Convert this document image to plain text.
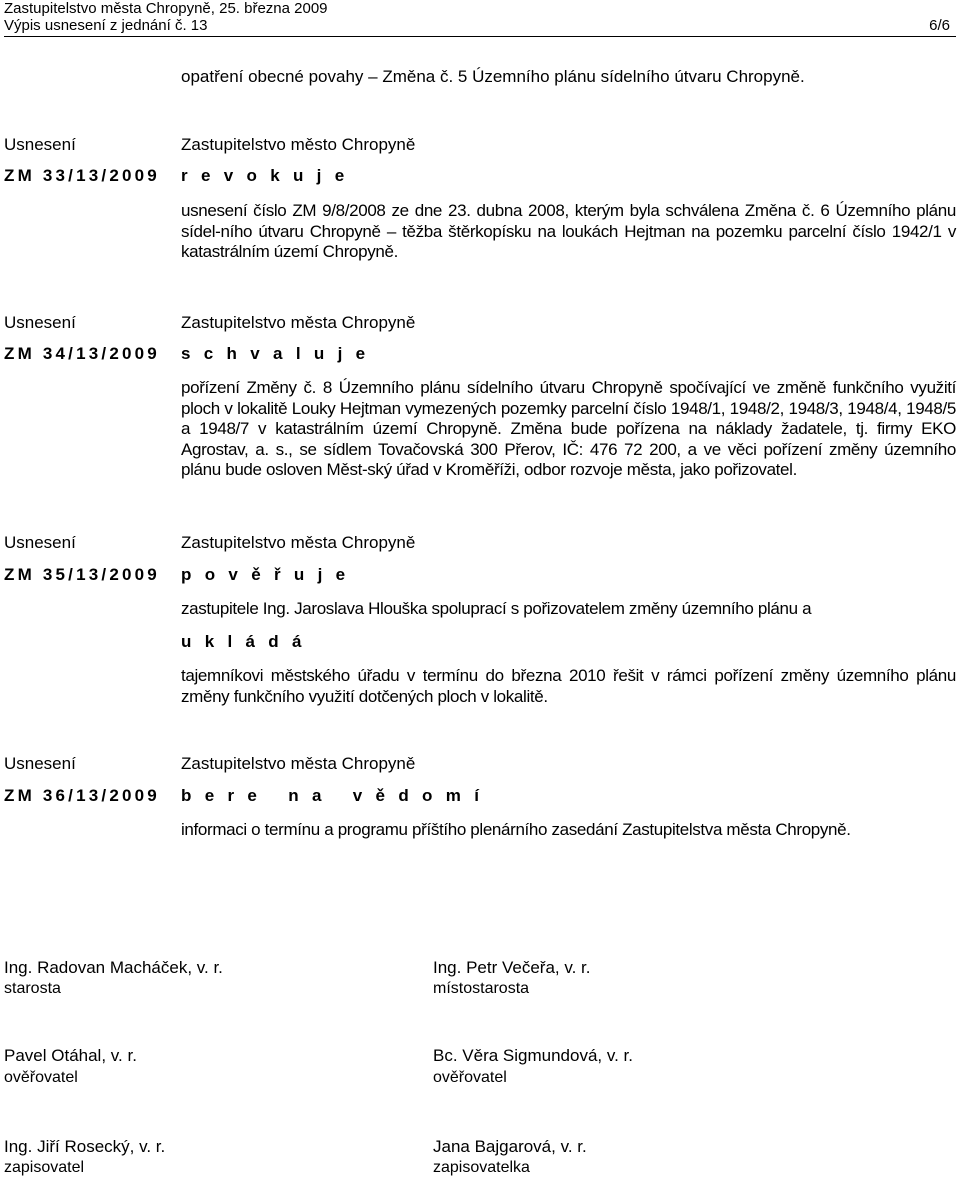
Zastupitelstvo města Chropyně, 25. března 2009
Výpis usnesení z jednání č. 13	6/6
opatření obecné povahy – Změna č. 5 Územního plánu sídelního útvaru Chropyně.
Usnesení	Zastupitelstvo město Chropyně
ZM 33/13/2009 r e v o k u j e
usnesení číslo ZM 9/8/2008 ze dne 23. dubna 2008, kterým byla schválena Změna č. 6 Územního plánu sídel-ního útvaru Chropyně – těžba štěrkopísku na loukách Hejtman na pozemku parcelní číslo 1942/1 v katastrálním území Chropyně.
Usnesení	Zastupitelstvo města Chropyně
ZM 34/13/2009 s c h v a l u j e
pořízení Změny č. 8 Územního plánu sídelního útvaru Chropyně spočívající ve změně funkčního využití ploch v lokalitě Louky Hejtman vymezených pozemky parcelní číslo 1948/1, 1948/2, 1948/3, 1948/4, 1948/5 a 1948/7 v katastrálním území Chropyně. Změna bude pořízena na náklady žadatele, tj. firmy EKO Agrostav, a. s., se sídlem Tovačovská 300 Přerov, IČ: 476 72 200, a ve věci pořízení změny územního plánu bude osloven Měst-ský úřad v Kroměříži, odbor rozvoje města, jako pořizovatel.
Usnesení	Zastupitelstvo města Chropyně
ZM 35/13/2009 p o v ě ř u j e
zastupitele Ing. Jaroslava Hlouška spoluprací s pořizovatelem změny územního plánu a
u k l á d á
tajemníkovi městského úřadu v termínu do března 2010 řešit v rámci pořízení změny územního plánu změny funkčního využití dotčených ploch v lokalitě.
Usnesení	Zastupitelstvo města Chropyně
ZM 36/13/2009 b e r e   n a   v ě d o m í
informaci o termínu a programu příštího plenárního zasedání Zastupitelstva města Chropyně.
Ing. Radovan Macháček, v. r.
starosta
Ing. Petr Večeřa, v. r.
místostarosta
Pavel Otáhal, v. r.
ověřovatel
Bc. Věra Sigmundová, v. r.
ověřovatel
Ing. Jiří Rosecký, v. r.
zapisovatel
Jana Bajgarová, v. r.
zapisovatelka
